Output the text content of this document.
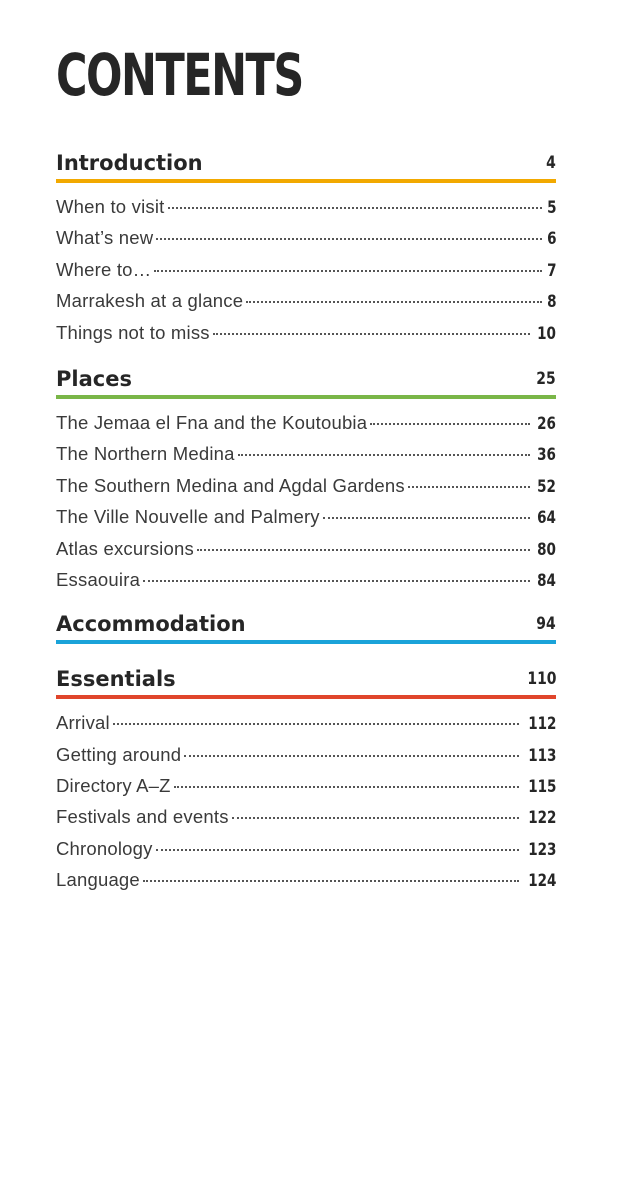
CONTENTS
Introduction	4
When to visit	5
What’s new	6
Where to…	7
Marrakesh at a glance	8
Things not to miss	10
Places	25
The Jemaa el Fna and the Koutoubia	26
The Northern Medina	36
The Southern Medina and Agdal Gardens	52
The Ville Nouvelle and Palmery	64
Atlas excursions	80
Essaouira	84
Accommodation	94
Essentials	110
Arrival	112
Getting around	113
Directory A–Z	115
Festivals and events	122
Chronology	123
Language	124
